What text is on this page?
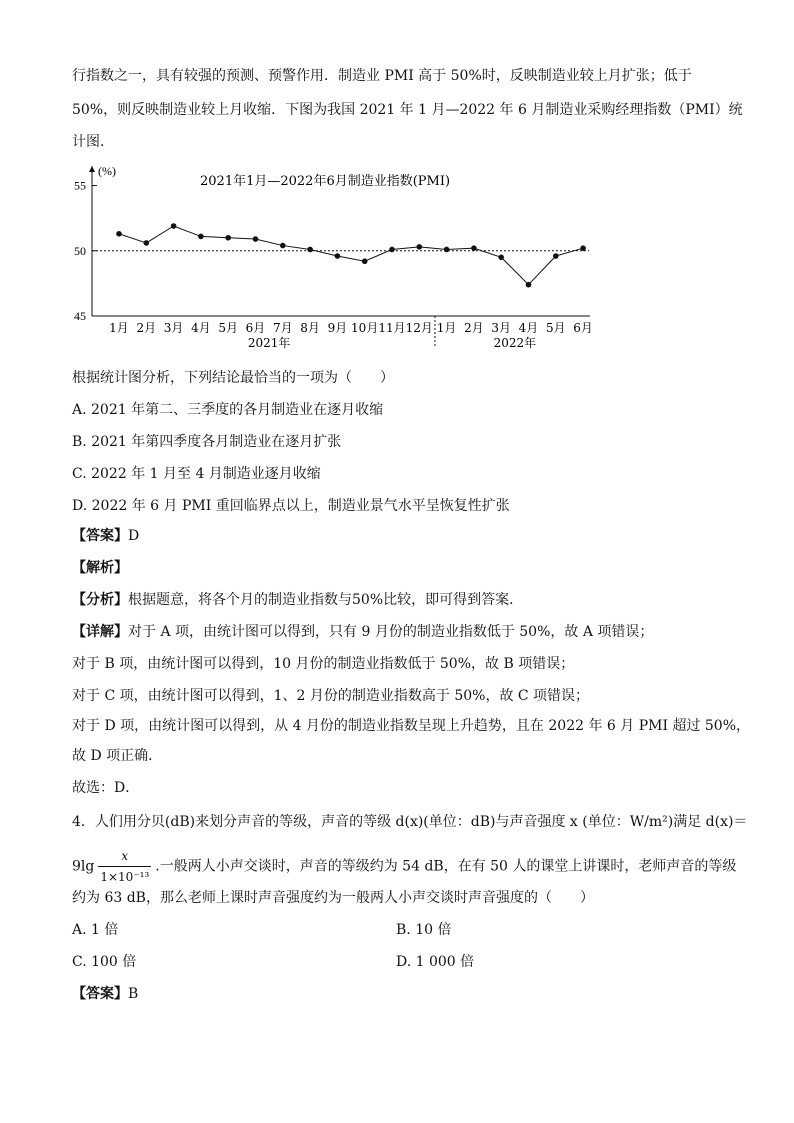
行指数之一，具有较强的预测、预警作用．制造业 PMI 高于 50%时，反映制造业较上月扩张；低于
50%，则反映制造业较上月收缩．下图为我国 2021 年 1 月—2022 年 6 月制造业采购经理指数（PMI）统
计图．
(%)
2021年1月—2022年6月制造业指数(PMI)
45
50
55
1月 2月 3月 4月 5月 6月 7月 8月 9月 10月 11月 12月 1月 2月 3月 4月 5月 6月
2021年	2022年
根据统计图分析，下列结论最恰当的一项为（　　）
A. 2021 年第二、三季度的各月制造业在逐月收缩
B. 2021 年第四季度各月制造业在逐月扩张
C. 2022 年 1 月至 4 月制造业逐月收缩
D. 2022 年 6 月 PMI 重回临界点以上，制造业景气水平呈恢复性扩张
【答案】D
【解析】
【分析】根据题意，将各个月的制造业指数与50%比较，即可得到答案．
【详解】对于 A 项，由统计图可以得到，只有 9 月份的制造业指数低于 50%，故 A 项错误；
对于 B 项，由统计图可以得到，10 月份的制造业指数低于 50%，故 B 项错误；
对于 C 项，由统计图可以得到，1、2 月份的制造业指数高于 50%，故 C 项错误；
对于 D 项，由统计图可以得到，从 4 月份的制造业指数呈现上升趋势，且在 2022 年 6 月 PMI 超过 50%，
故 D 项正确．
故选：D．
4．人们用分贝(dB)来划分声音的等级，声音的等级 d(x)(单位：dB)与声音强度 x (单位：W/m²)满足 d(x)＝
$9\lg \frac{x}{\text{1×10⁻¹³}}$ .一般两人小声交谈时，声音的等级约为 54 dB，在有 50 人的课堂上讲课时，老师声音的等级
约为 63 dB，那么老师上课时声音强度约为一般两人小声交谈时声音强度的（　　）
A. 1 倍	B. 10 倍
C. 100 倍	D. 1 000 倍
【答案】B
